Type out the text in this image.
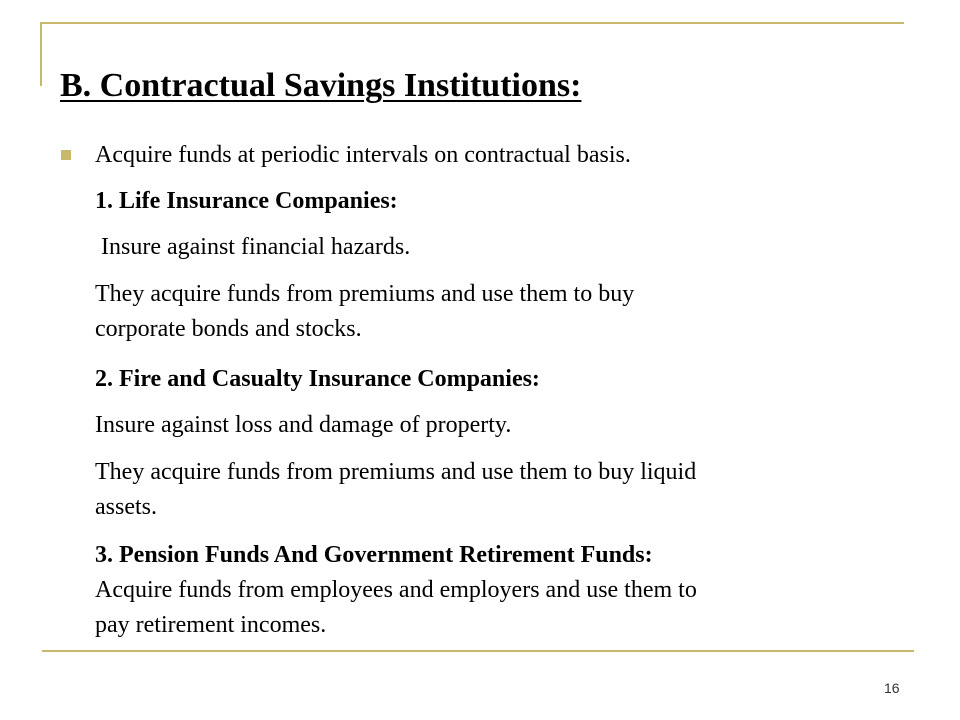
B. Contractual Savings Institutions:
Acquire funds at periodic intervals on contractual basis.
1. Life Insurance Companies:
Insure against financial hazards.
They acquire funds from premiums and use them to buy
corporate bonds and stocks.
2. Fire and Casualty Insurance Companies:
Insure against loss and damage of property.
They acquire funds from premiums and use them to buy liquid
assets.
3. Pension Funds And Government Retirement Funds:
Acquire funds from employees and employers and use them to
pay retirement incomes.
16
